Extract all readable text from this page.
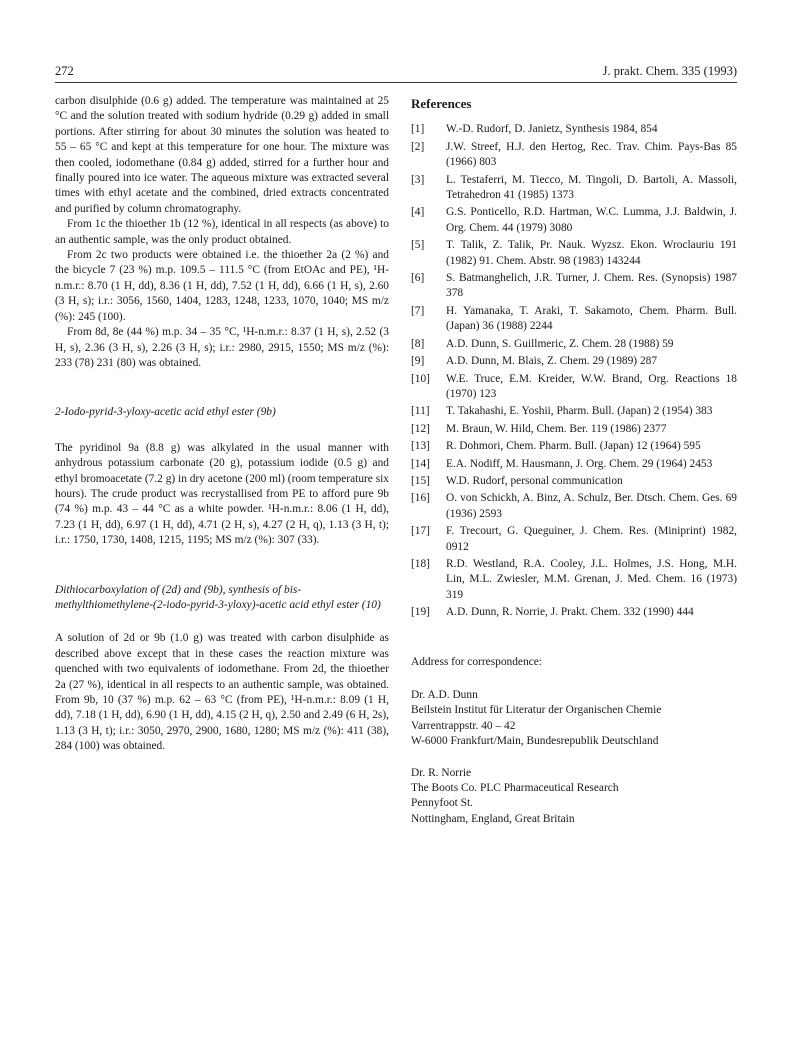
272	J. prakt. Chem. 335 (1993)

carbon disulphide (0.6 g) added. The temperature was maintained at 25 °C and the solution treated with sodium hydride (0.29 g) added in small portions. After stirring for about 30 minutes the solution was heated to 55 – 65 °C and kept at this temperature for one hour. The mixture was then cooled, iodomethane (0.84 g) added, stirred for a further hour and finally poured into ice water. The aqueous mixture was extracted several times with ethyl acetate and the combined, dried extracts concentrated and purified by column chromatography.

From 1c the thioether 1b (12 %), identical in all respects (as above) to an authentic sample, was the only product obtained.

From 2c two products were obtained i.e. the thioether 2a (2 %) and the bicycle 7 (23 %) m.p. 109.5 – 111.5 °C (from EtOAc and PE), ¹H-n.m.r.: 8.70 (1 H, dd), 8.36 (1 H, dd), 7.52 (1 H, dd), 6.66 (1 H, s), 2.60 (3 H, s); i.r.: 3056, 1560, 1404, 1283, 1248, 1233, 1070, 1040; MS m/z (%): 245 (100).

From 8d, 8e (44 %) m.p. 34 – 35 °C, ¹H-n.m.r.: 8.37 (1 H, s), 2.52 (3 H, s), 2.36 (3 H, s), 2.26 (3 H, s); i.r.: 2980, 2915, 1550; MS m/z (%): 233 (78) 231 (80) was obtained.

2-Iodo-pyrid-3-yloxy-acetic acid ethyl ester (9b)

The pyridinol 9a (8.8 g) was alkylated in the usual manner with anhydrous potassium carbonate (20 g), potassium iodide (0.5 g) and ethyl bromoacetate (7.2 g) in dry acetone (200 ml) (room temperature six hours). The crude product was recrystallised from PE to afford pure 9b (74 %) m.p. 43 – 44 °C as a white powder. ¹H-n.m.r.: 8.06 (1 H, dd), 7.23 (1 H, dd), 6.97 (1 H, dd), 4.71 (2 H, s), 4.27 (2 H, q), 1.13 (3 H, t); i.r.: 1750, 1730, 1408, 1215, 1195; MS m/z (%): 307 (33).

Dithiocarboxylation of (2d) and (9b), synthesis of bis-methylthiomethylene-(2-iodo-pyrid-3-yloxy)-acetic acid ethyl ester (10)

A solution of 2d or 9b (1.0 g) was treated with carbon disulphide as described above except that in these cases the reaction mixture was quenched with two equivalents of iodomethane. From 2d, the thioether 2a (27 %), identical in all respects to an authentic sample, was obtained. From 9b, 10 (37 %) m.p. 62 – 63 °C (from PE), ¹H-n.m.r.: 8.09 (1 H, dd), 7.18 (1 H, dd), 6.90 (1 H, dd), 4.15 (2 H, q), 2.50 and 2.49 (6 H, 2s), 1.13 (3 H, t); i.r.: 3050, 2970, 2900, 1680, 1280; MS m/z (%): 411 (38), 284 (100) was obtained.

References
[1]	W.-D. Rudorf, D. Janietz, Synthesis 1984, 854
[2]	J.W. Streef, H.J. den Hertog, Rec. Trav. Chim. Pays-Bas 85 (1966) 803
[3]	L. Testaferri, M. Tiecco, M. Tingoli, D. Bartoli, A. Massoli, Tetrahedron 41 (1985) 1373
[4]	G.S. Ponticello, R.D. Hartman, W.C. Lumma, J.J. Baldwin, J. Org. Chem. 44 (1979) 3080
[5]	T. Talik, Z. Talik, Pr. Nauk. Wyzsz. Ekon. Wroclauriu 191 (1982) 91. Chem. Abstr. 98 (1983) 143244
[6]	S. Batmanghelich, J.R. Turner, J. Chem. Res. (Synopsis) 1987 378
[7]	H. Yamanaka, T. Araki, T. Sakamoto, Chem. Pharm. Bull. (Japan) 36 (1988) 2244
[8]	A.D. Dunn, S. Guillmeric, Z. Chem. 28 (1988) 59
[9]	A.D. Dunn, M. Blais, Z. Chem. 29 (1989) 287
[10]	W.E. Truce, E.M. Kreider, W.W. Brand, Org. Reactions 18 (1970) 123
[11]	T. Takahashi, E. Yoshii, Pharm. Bull. (Japan) 2 (1954) 383
[12]	M. Braun, W. Hild, Chem. Ber. 119 (1986) 2377
[13]	R. Dohmori, Chem. Pharm. Bull. (Japan) 12 (1964) 595
[14]	E.A. Nodiff, M. Hausmann, J. Org. Chem. 29 (1964) 2453
[15]	W.D. Rudorf, personal communication
[16]	O. von Schickh, A. Binz, A. Schulz, Ber. Dtsch. Chem. Ges. 69 (1936) 2593
[17]	F. Trecourt, G. Queguiner, J. Chem. Res. (Miniprint) 1982, 0912
[18]	R.D. Westland, R.A. Cooley, J.L. Holmes, J.S. Hong, M.H. Lin, M.L. Zwiesler, M.M. Grenan, J. Med. Chem. 16 (1973) 319
[19]	A.D. Dunn, R. Norrie, J. Prakt. Chem. 332 (1990) 444
Address for correspondence:
Dr. A.D. Dunn
Beilstein Institut für Literatur der Organischen Chemie
Varrentrappstr. 40 – 42
W-6000 Frankfurt/Main, Bundesrepublik Deutschland
Dr. R. Norrie
The Boots Co. PLC Pharmaceutical Research
Pennyfoot St.
Nottingham, England, Great Britain
